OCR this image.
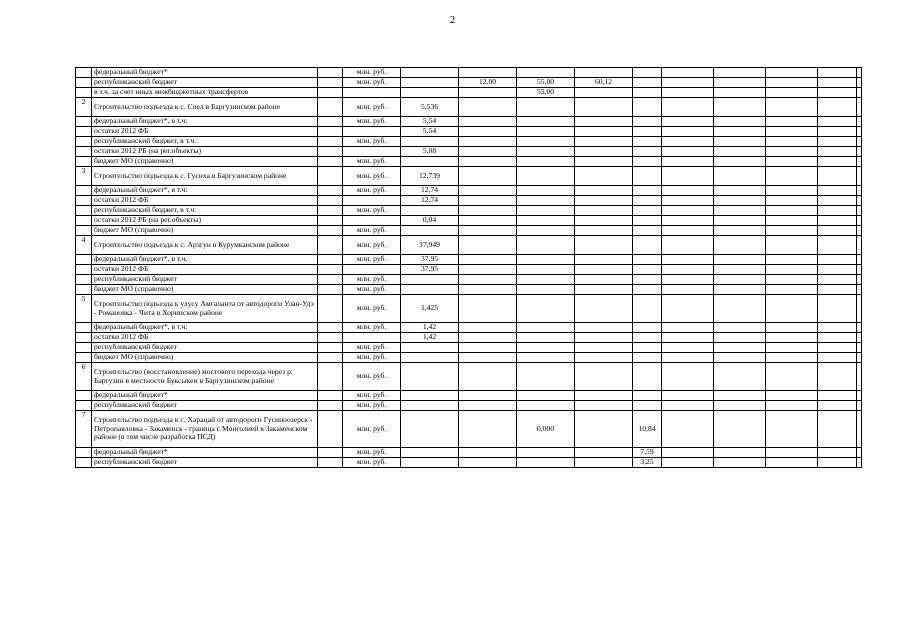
2
	федеральный бюджет*		млн. руб.										
	республиканский бюджет		млн. руб.		12,00	55,00	60,12						
	в т.ч. за счет иных межбюджетных трансфертов					55,00							
2	Строительство подъезда к с. Соел в Баргузинском районе		млн. руб.	5,536									
	федеральный бюджет*, в т.ч:		млн. руб.	5,54									
	остатки 2012 ФБ			5,54									
	республиканский бюджет, в т.ч.:		млн. руб.										
	остатки 2012 РБ (на рег.объекты)			5,08									
	бюджет МО (справочно)		млн. руб.										
3	Строительство подъезда к с. Гусиха в Баргузинском районе		млн. руб.	12,739									
	федеральный бюджет*, в т.ч:		млн. руб.	12,74									
	остатки 2012 ФБ			12,74									
	республиканский бюджет, в т.ч:		млн. руб.										
	остатки 2012 РБ (на рег.объекты)			0,04									
	бюджет МО (справочно)		млн. руб.										
4	Строительство подъезда к с. Арзгун в Курумканском районе		млн. руб.	37,949									
	федеральный бюджет*, в т.ч:		млн. руб.	37,95									
	остатки 2012 ФБ			37,95									
	республиканский бюджет		млн. руб.										
	бюджет МО (справочно)		млн. руб.										
5	Строительство подъезда к улусу Амгаланта от автодороги Улан-Удэ - Романовка - Чита в Хоринском районе		млн. руб.	1,425									
	федеральный бюджет*, в т.ч:		млн. руб.	1,42									
	остатки 2012 ФБ			1,42									
	республиканский бюджет		млн. руб.										
	бюджет МО (справочно)		млн. руб.										
6	Строительство (восстановление) мостового перехода через р. Баргузин в местности Буксыкен в Баргузинском районе		млн. руб.										
	федеральный бюджет*		млн. руб.										
	республиканский бюджет		млн. руб.										
7	Строительство подъезда к с. Харацай от автодороги Гусиноозерск - Петропавловка - Закаменск - граница с Монголией в Закаменском районе (в том числе разработка ПСД)		млн. руб.			0,000		10,84					
	федеральный бюджет*		млн. руб.					7,59					
	республиканский бюджет		млн. руб.					3,25					
